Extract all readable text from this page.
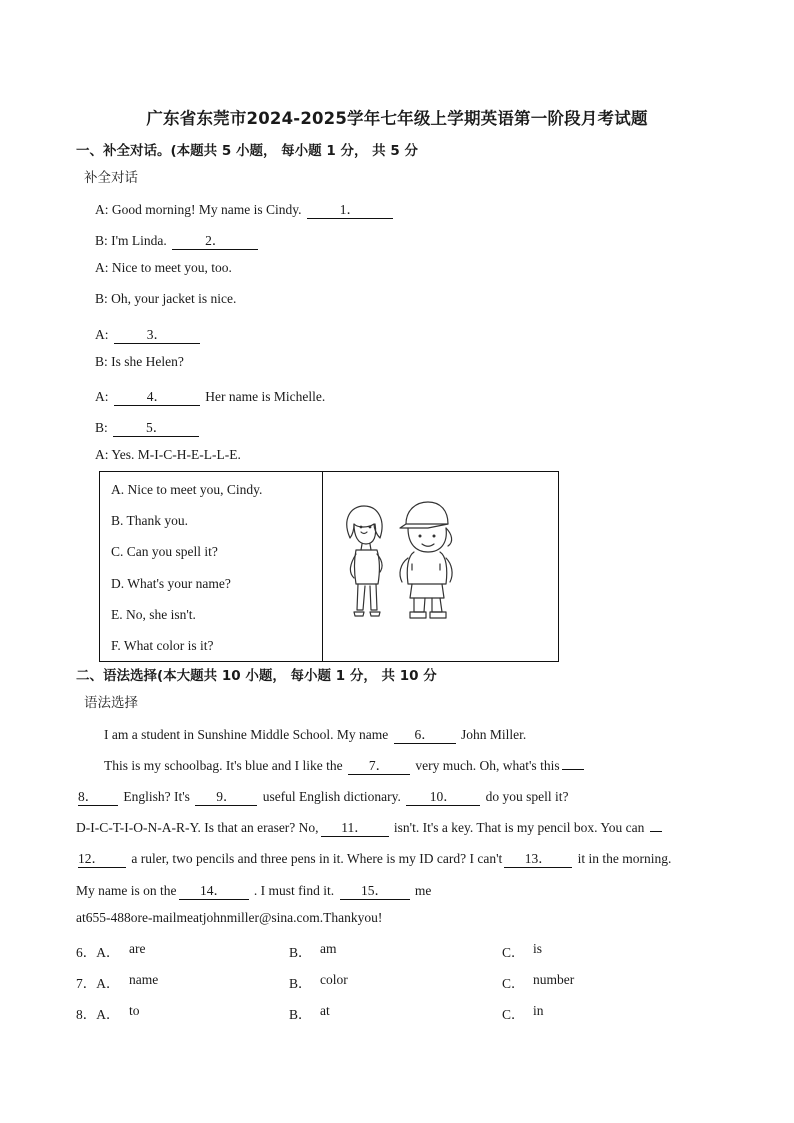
广东省东莞市2024-2025学年七年级上学期英语第一阶段月考试题
一、补全对话。(本题共 5 小题， 每小题 1 分， 共 5 分
补全对话
A: Good morning! My name is Cindy.	1．
B: I'm Linda.	2．
A: Nice to meet you, too.
B: Oh, your jacket is nice.
A:	3．
B: Is she Helen?
A:	4．	Her name is Michelle.
B:	5．
A: Yes. M-I-C-H-E-L-L-E.
A. Nice to meet you, Cindy.
B. Thank you.
C. Can you spell it?
D. What's your name?
E. No, she isn't.
F. What color is it?
二、语法选择(本大题共 10 小题， 每小题 1 分， 共 10 分
语法选择
I am a student in Sunshine Middle School. My name 6． John Miller.
This is my schoolbag. It's blue and I like the 7． very much. Oh, what's this
8． English? It's 9． useful English dictionary. 10． do you spell it?
D-I-C-T-I-O-N-A-R-Y. Is that an eraser? No, 11． isn't. It's a key. That is my pencil box. You can
12． a ruler, two pencils and three pens in it. Where is my ID card? I can't 13． it in the morning.
My name is on the 14． . I must find it. 15． me
at655-488ore-mailmeatjohnmiller@sina.com.Thankyou!
6．A． are	B． am	C． is
7．A． name	B． color	C． number
8．A． to	B． at	C． in
